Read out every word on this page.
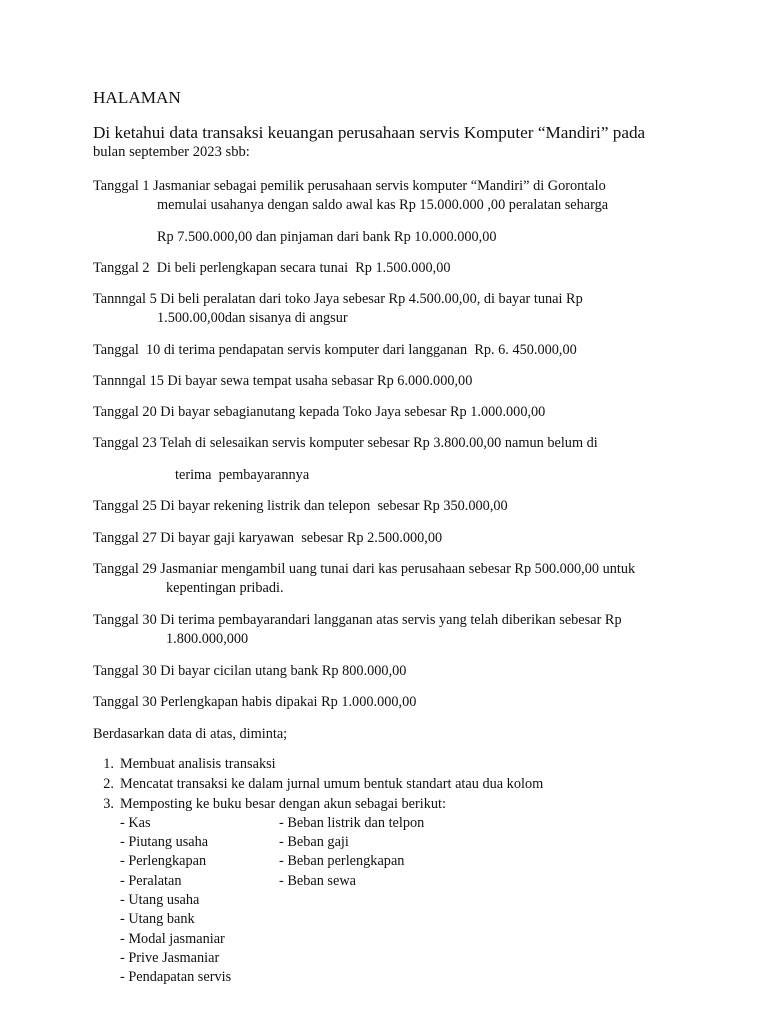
HALAMAN
Di ketahui data transaksi keuangan perusahaan servis Komputer “Mandiri” pada
bulan september 2023 sbb:
Tanggal 1 Jasmaniar sebagai pemilik perusahaan servis komputer “Mandiri” di Gorontalo
memulai usahanya dengan saldo awal kas Rp 15.000.000 ,00 peralatan seharga
Rp 7.500.000,00 dan pinjaman dari bank Rp 10.000.000,00
Tanggal 2  Di beli perlengkapan secara tunai  Rp 1.500.000,00
Tannngal 5 Di beli peralatan dari toko Jaya sebesar Rp 4.500.00,00, di bayar tunai Rp
1.500.00,00dan sisanya di angsur
Tanggal  10 di terima pendapatan servis komputer dari langganan  Rp. 6. 450.000,00
Tannngal 15 Di bayar sewa tempat usaha sebasar Rp 6.000.000,00
Tanggal 20 Di bayar sebagianutang kepada Toko Jaya sebesar Rp 1.000.000,00
Tanggal 23 Telah di selesaikan servis komputer sebesar Rp 3.800.00,00 namun belum di
terima  pembayarannya
Tanggal 25 Di bayar rekening listrik dan telepon  sebesar Rp 350.000,00
Tanggal 27 Di bayar gaji karyawan  sebesar Rp 2.500.000,00
Tanggal 29 Jasmaniar mengambil uang tunai dari kas perusahaan sebesar Rp 500.000,00 untuk
kepentingan pribadi.
Tanggal 30 Di terima pembayarandari langganan atas servis yang telah diberikan sebesar Rp
1.800.000,000
Tanggal 30 Di bayar cicilan utang bank Rp 800.000,00
Tanggal 30 Perlengkapan habis dipakai Rp 1.000.000,00
Berdasarkan data di atas, diminta;
1. Membuat analisis transaksi
2. Mencatat transaksi ke dalam jurnal umum bentuk standart atau dua kolom
3. Memposting ke buku besar dengan akun sebagai berikut:
- Kas
- Piutang usaha
- Perlengkapan
- Peralatan
- Utang usaha
- Utang bank
- Modal jasmaniar
- Prive Jasmaniar
- Pendapatan servis
- Beban listrik dan telpon
- Beban gaji
- Beban perlengkapan
- Beban sewa
